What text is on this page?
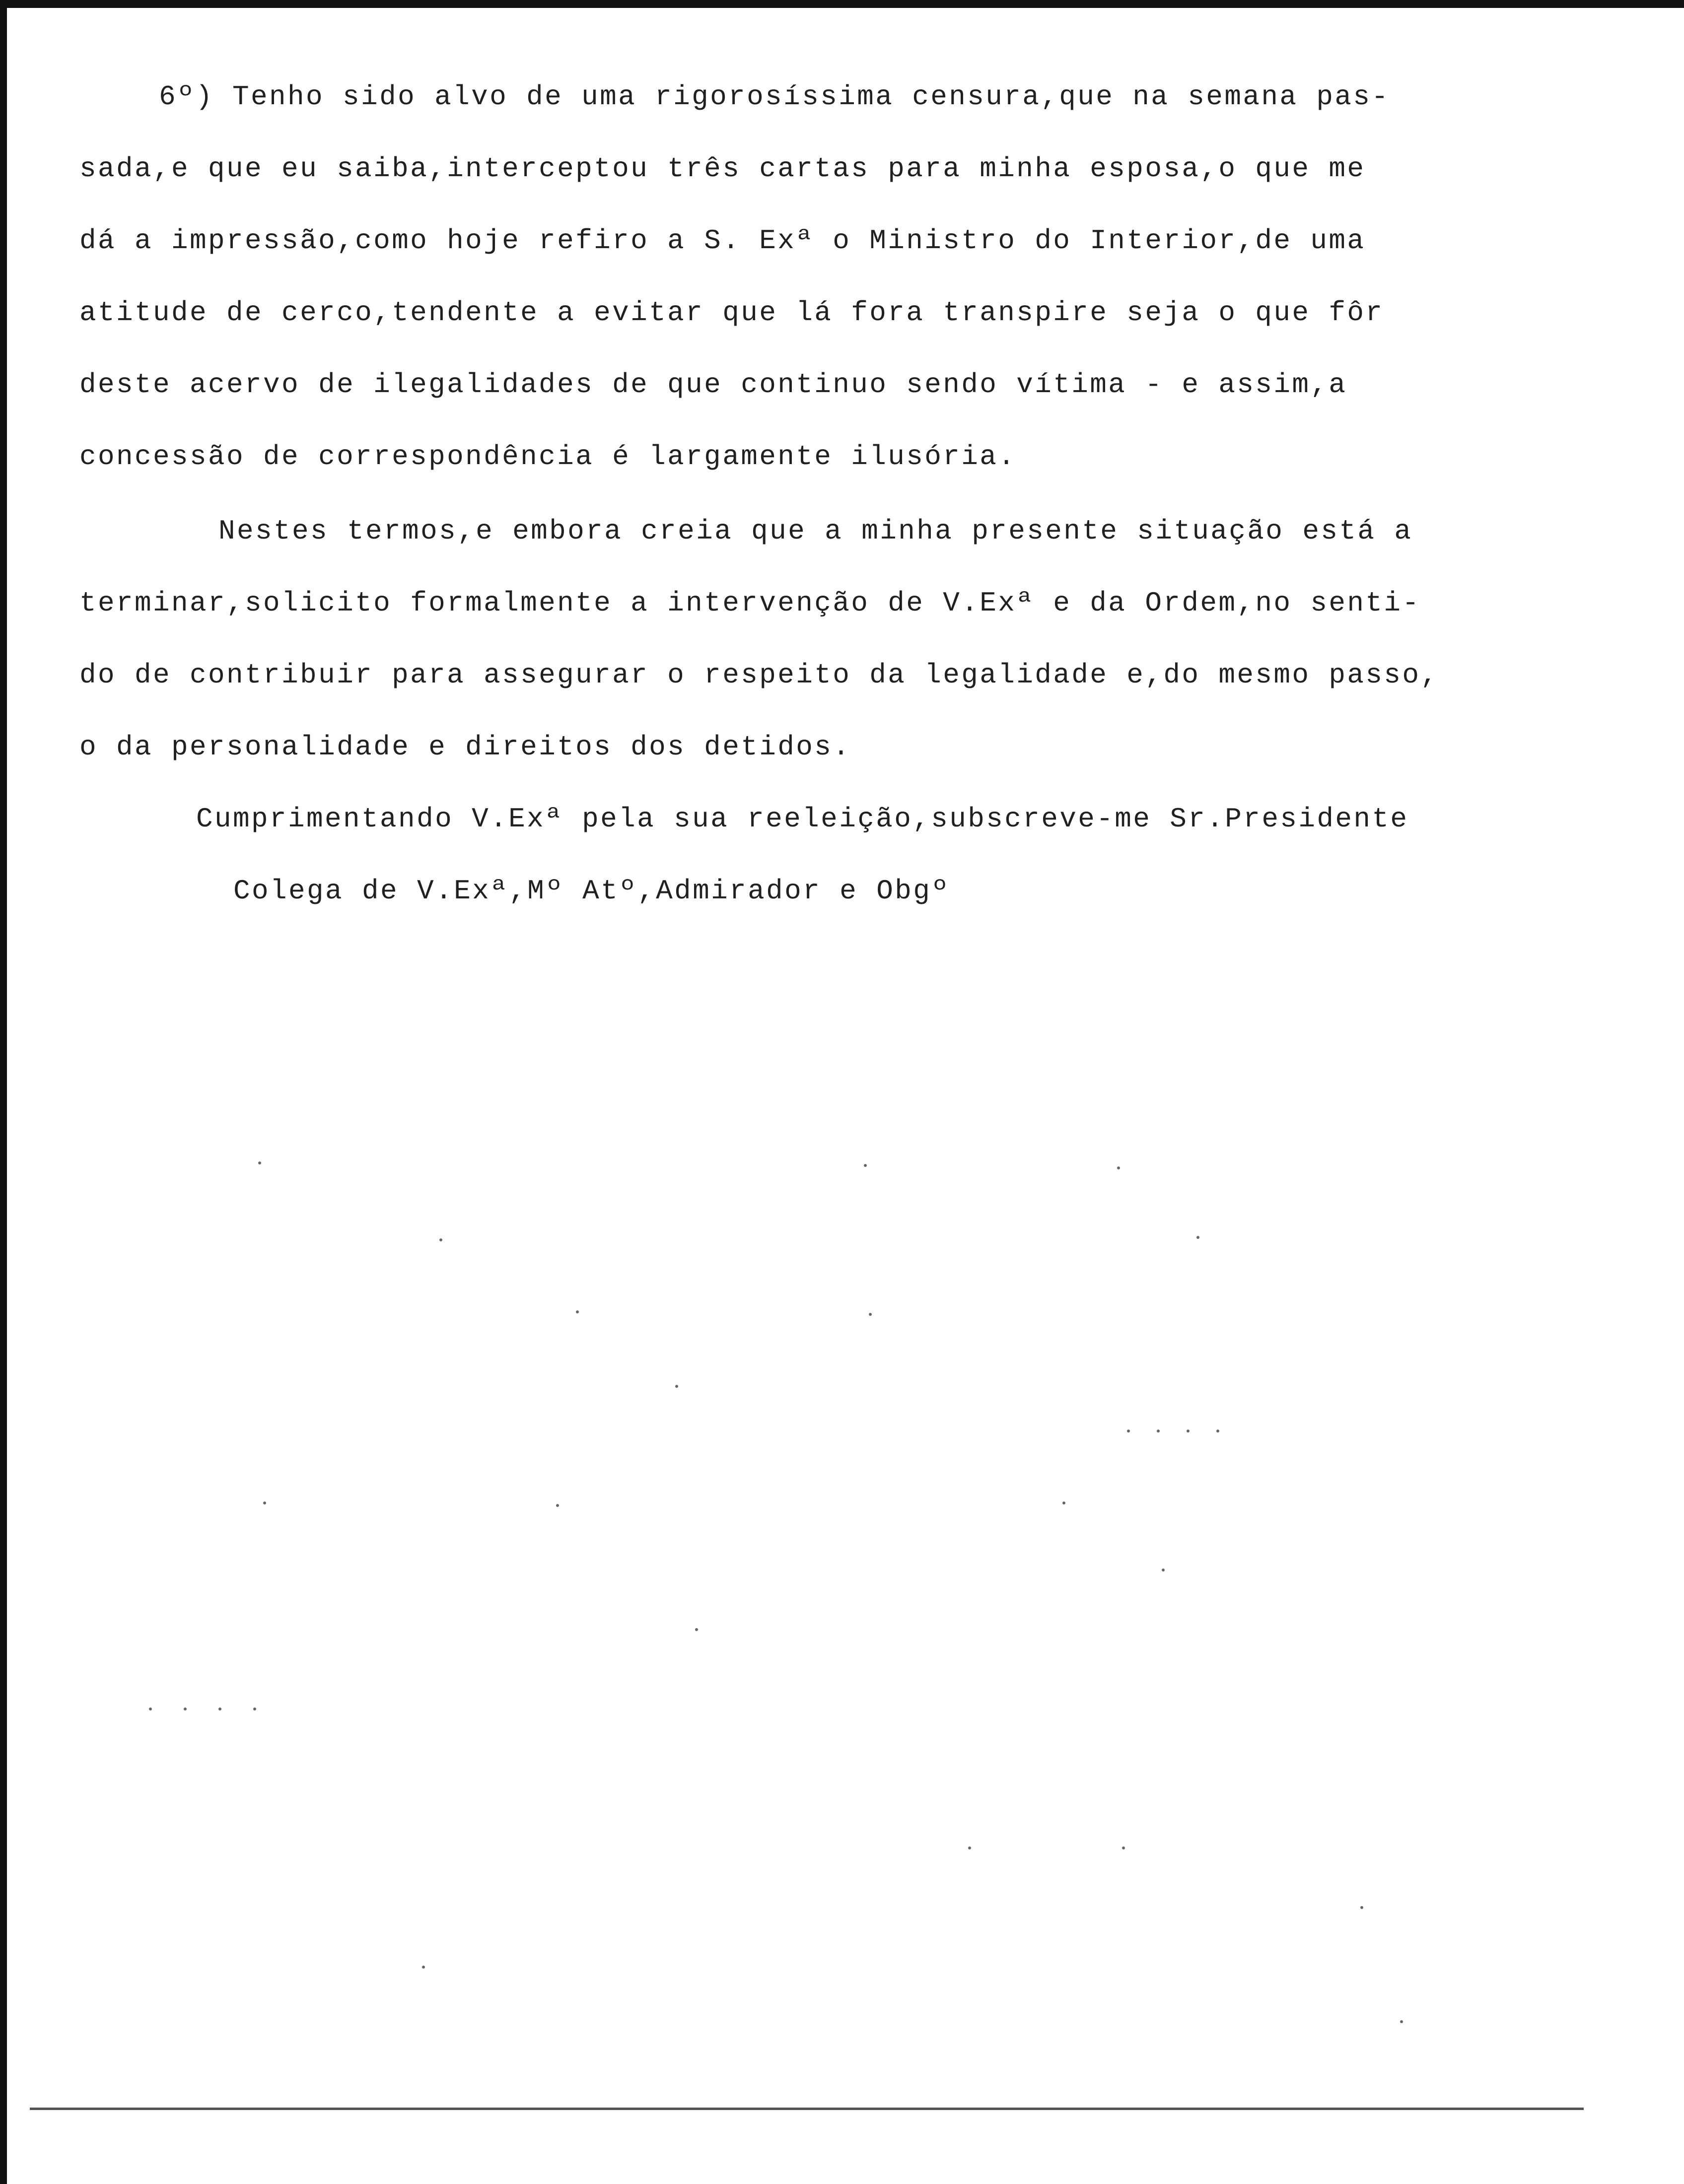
6º) Tenho sido alvo de uma rigorosíssima censura,que na semana pas-
sada,e que eu saiba,interceptou três cartas para minha esposa,o que me
dá a impressão,como hoje refiro a S. Exª o Ministro do Interior,de uma
atitude de cerco,tendente a evitar que lá fora transpire seja o que fôr
deste acervo de ilegalidades de que continuo sendo vítima - e assim,a
concessão de correspondência é largamente ilusória.
Nestes termos,e embora creia que a minha presente situação está a
terminar,solicito formalmente a intervenção de V.Exª e da Ordem,no senti-
do de contribuir para assegurar o respeito da legalidade e,do mesmo passo,
o da personalidade e direitos dos detidos.
Cumprimentando V.Exª pela sua reeleição,subscreve-me Sr.Presidente
Colega de V.Exª,Mº Atº,Admirador e Obgº
